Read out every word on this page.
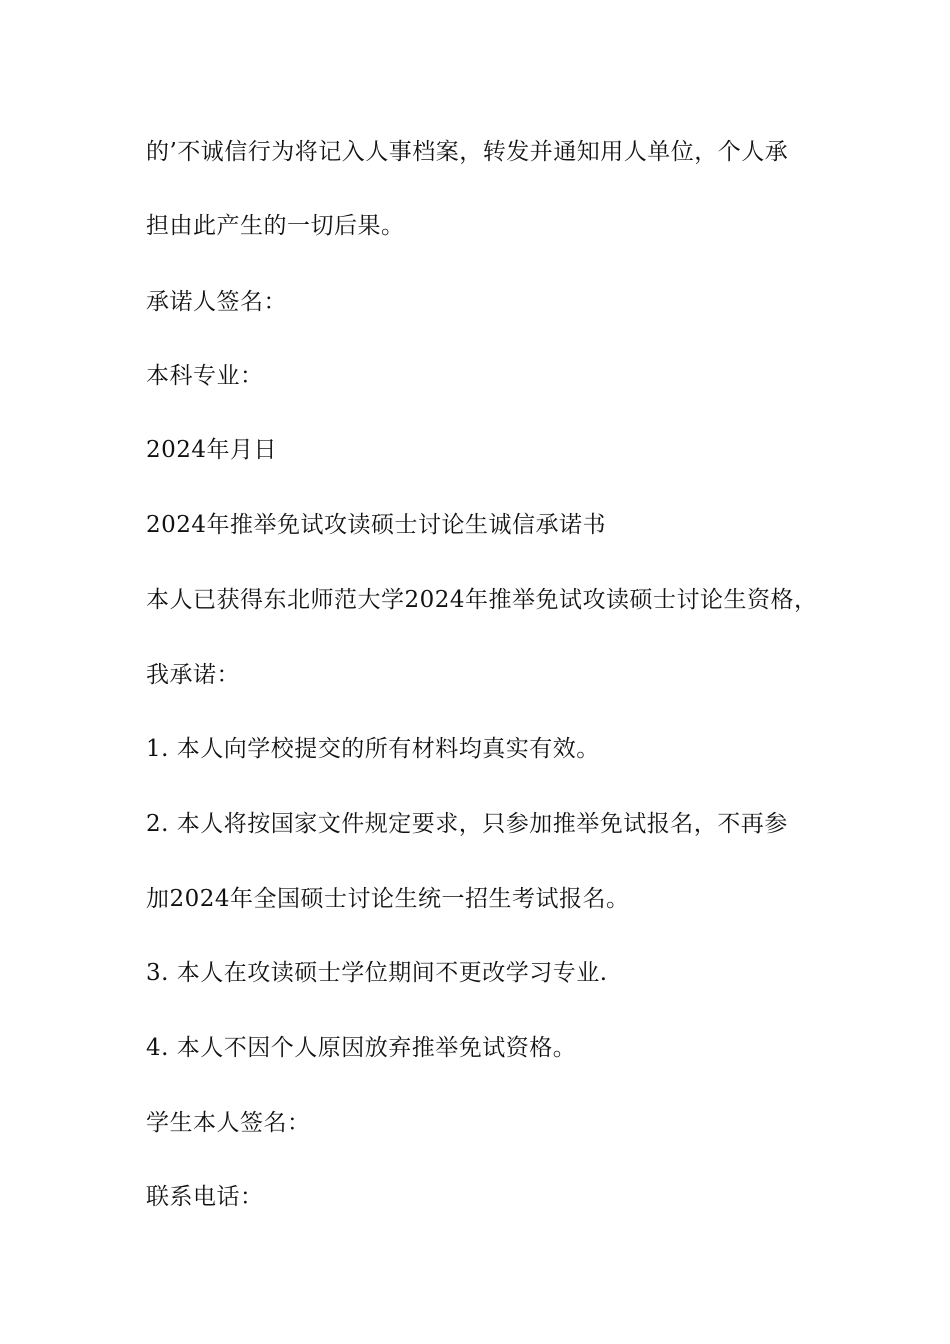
的’不诚信行为将记入人事档案，转发并通知用人单位，个人承
担由此产生的一切后果。
承诺人签名：
本科专业：
2024年月日
2024年推举免试攻读硕士讨论生诚信承诺书
本人已获得东北师范大学2024年推举免试攻读硕士讨论生资格，
我承诺：
1. 本人向学校提交的所有材料均真实有效。
2. 本人将按国家文件规定要求，只参加推举免试报名，不再参
加2024年全国硕士讨论生统一招生考试报名。
3. 本人在攻读硕士学位期间不更改学习专业.
4. 本人不因个人原因放弃推举免试资格。
学生本人签名：
联系电话：
